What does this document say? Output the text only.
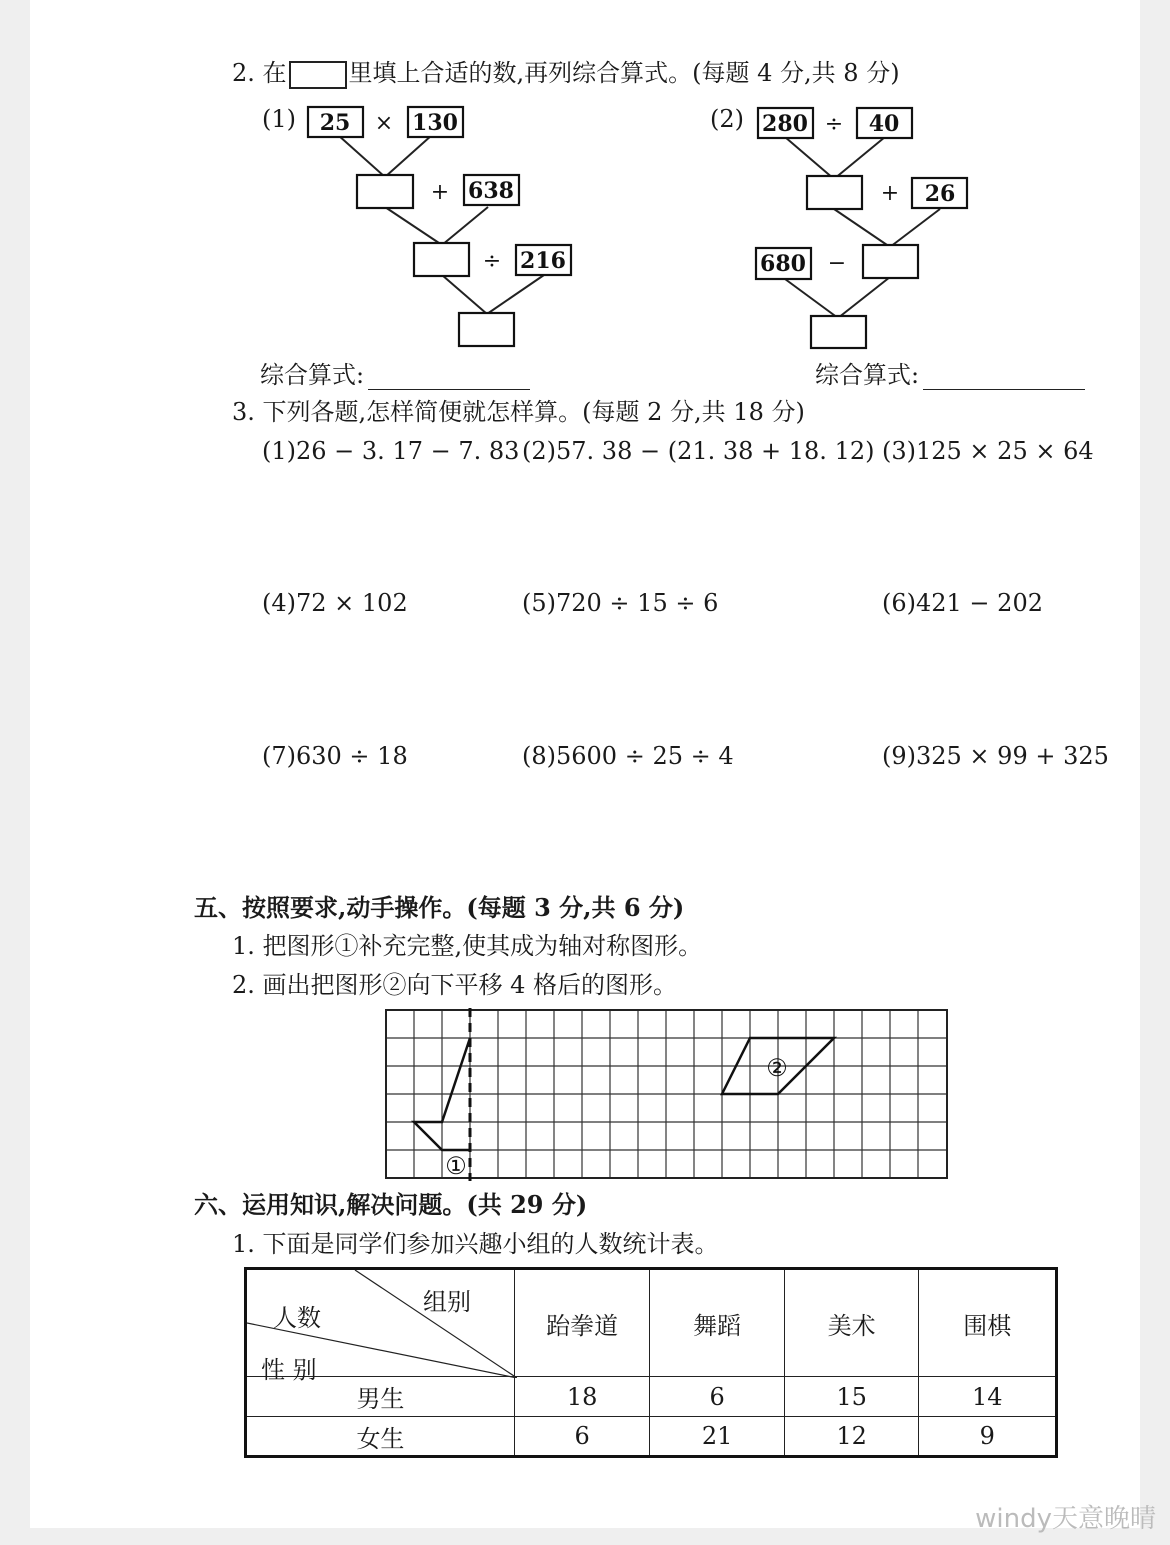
2. 在	里填上合适的数,再列综合算式。(每题 4 分,共 8 分)
(1) 25 × 130
+ 638
÷ 216
综合算式:
(2) 280 ÷ 40
+ 26
680 −
综合算式:
3. 下列各题,怎样简便就怎样算。(每题 2 分,共 18 分)
(1)26 − 3. 17 − 7. 83 (2)57. 38 − (21. 38 + 18. 12) (3)125 × 25 × 64
(4)72 × 102	(5)720 ÷ 15 ÷ 6	(6)421 − 202
(7)630 ÷ 18	(8)5600 ÷ 25 ÷ 4	(9)325 × 99 + 325
五、按照要求,动手操作。(每题 3 分,共 6 分)
1. 把图形①补充完整,使其成为轴对称图形。
2. 画出把图形②向下平移 4 格后的图形。
①
②
六、运用知识,解决问题。(共 29 分)
1. 下面是同学们参加兴趣小组的人数统计表。
组别
人数
性 别	跆拳道	舞蹈	美术	围棋
男生	18	6	15	14
女生	6	21	12	9
windy天意晚晴
